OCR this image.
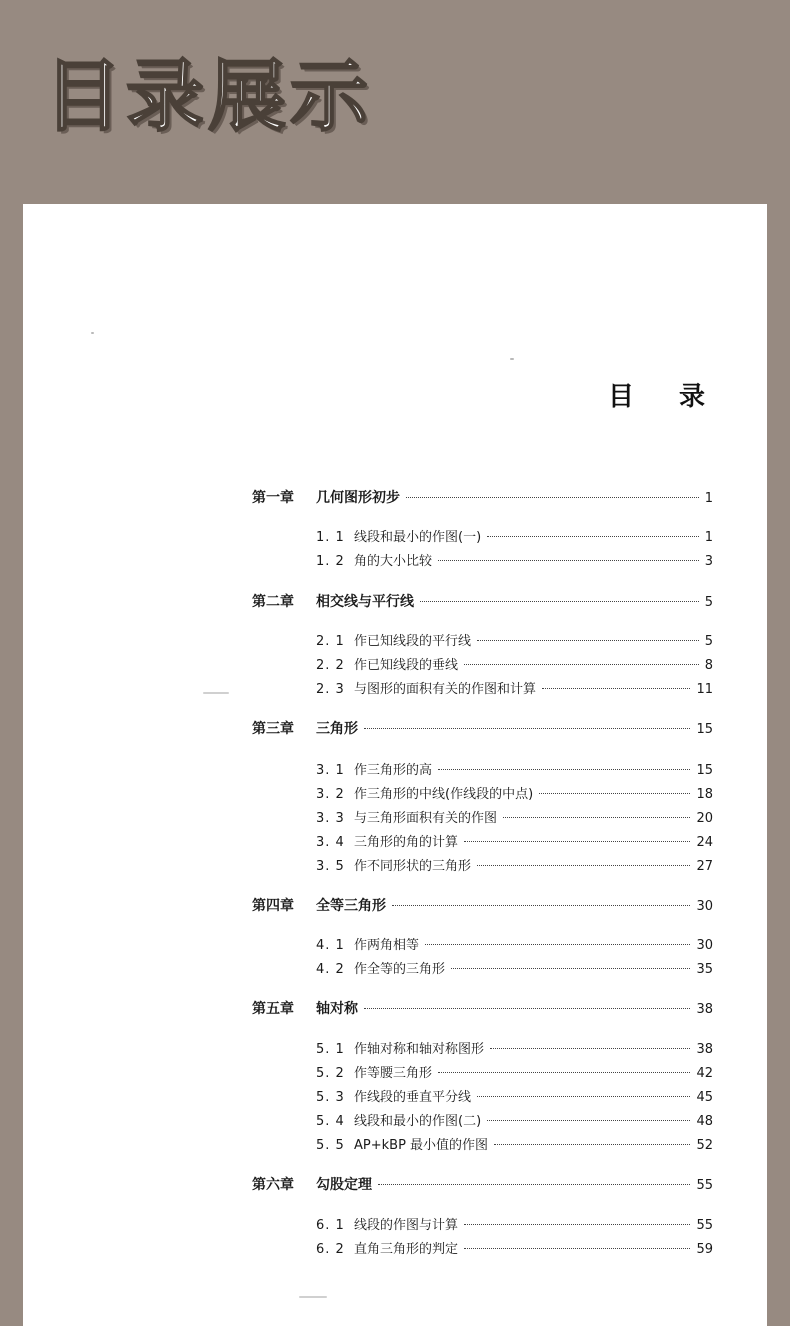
目录展示
目 录
第一章	几何图形初步	1
1. 1 线段和最小的作图(一)	1
1. 2 角的大小比较	3
第二章	相交线与平行线	5
2. 1 作已知线段的平行线	5
2. 2 作已知线段的垂线	8
2. 3 与图形的面积有关的作图和计算	11
第三章	三角形	15
3. 1 作三角形的高	15
3. 2 作三角形的中线(作线段的中点)	18
3. 3 与三角形面积有关的作图	20
3. 4 三角形的角的计算	24
3. 5 作不同形状的三角形	27
第四章	全等三角形	30
4. 1 作两角相等	30
4. 2 作全等的三角形	35
第五章	轴对称	38
5. 1 作轴对称和轴对称图形	38
5. 2 作等腰三角形	42
5. 3 作线段的垂直平分线	45
5. 4 线段和最小的作图(二)	48
5. 5 AP+kBP 最小值的作图	52
第六章	勾股定理	55
6. 1 线段的作图与计算	55
6. 2 直角三角形的判定	59
